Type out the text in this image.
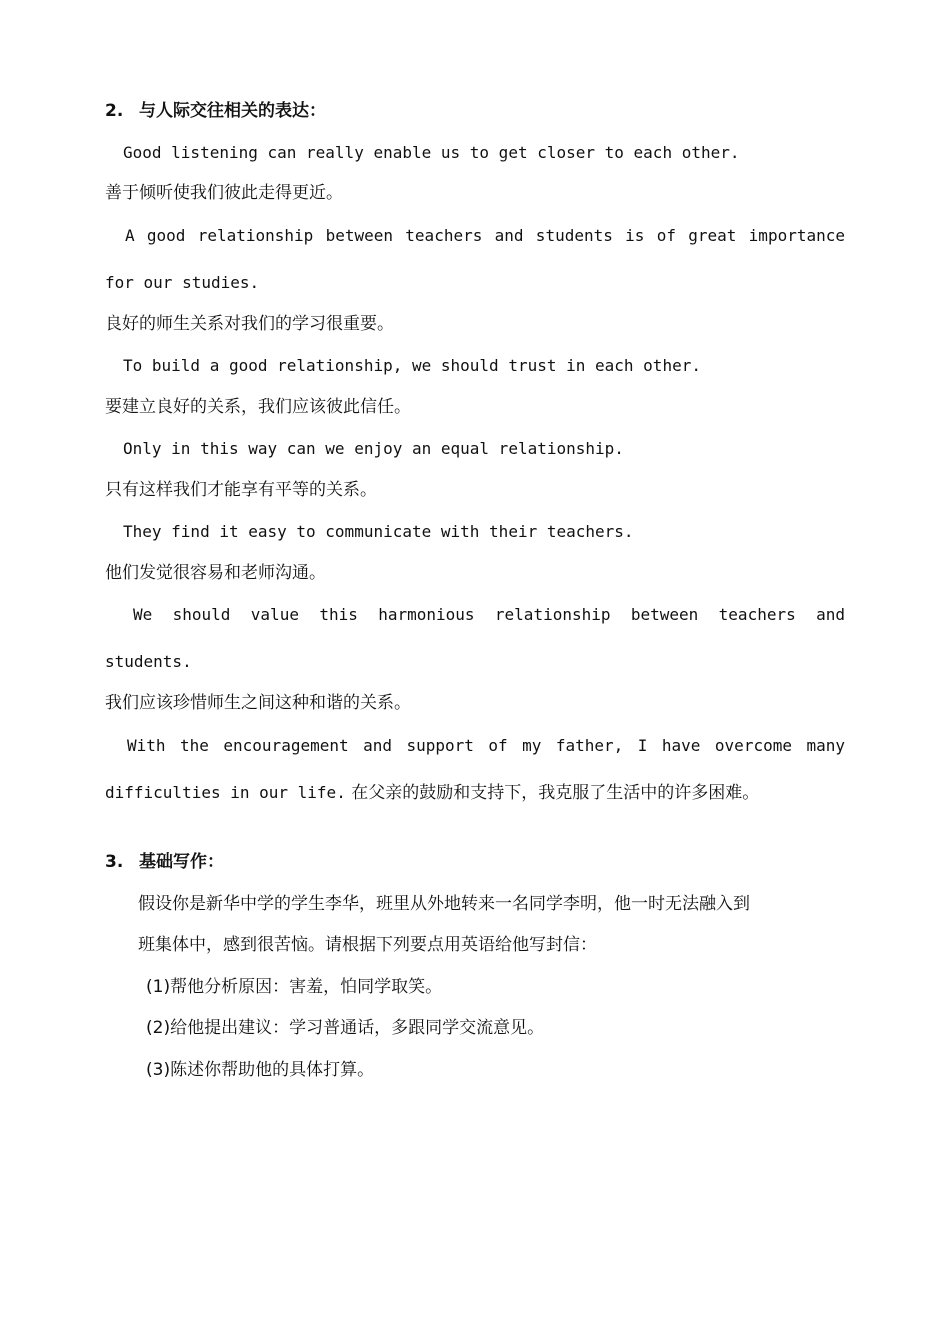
2. 与人际交往相关的表达：
Good listening can really enable us to get closer to each other.
善于倾听使我们彼此走得更近。
A good relationship between teachers and students is of great importance
for our studies.
良好的师生关系对我们的学习很重要。
To build a good relationship, we should trust in each other.
要建立良好的关系，我们应该彼此信任。
Only in this way can we enjoy an equal relationship.
只有这样我们才能享有平等的关系。
They find it easy to communicate with their teachers.
他们发觉很容易和老师沟通。
We should value this harmonious relationship between teachers and
students.
我们应该珍惜师生之间这种和谐的关系。
With the encouragement and support of my father, I have overcome many
difficulties in our life. 在父亲的鼓励和支持下，我克服了生活中的许多困难。
3. 基础写作：
假设你是新华中学的学生李华，班里从外地转来一名同学李明，他一时无法融入到
班集体中，感到很苦恼。请根据下列要点用英语给他写封信：
(1)帮他分析原因：害羞，怕同学取笑。
(2)给他提出建议：学习普通话，多跟同学交流意见。
(3)陈述你帮助他的具体打算。
